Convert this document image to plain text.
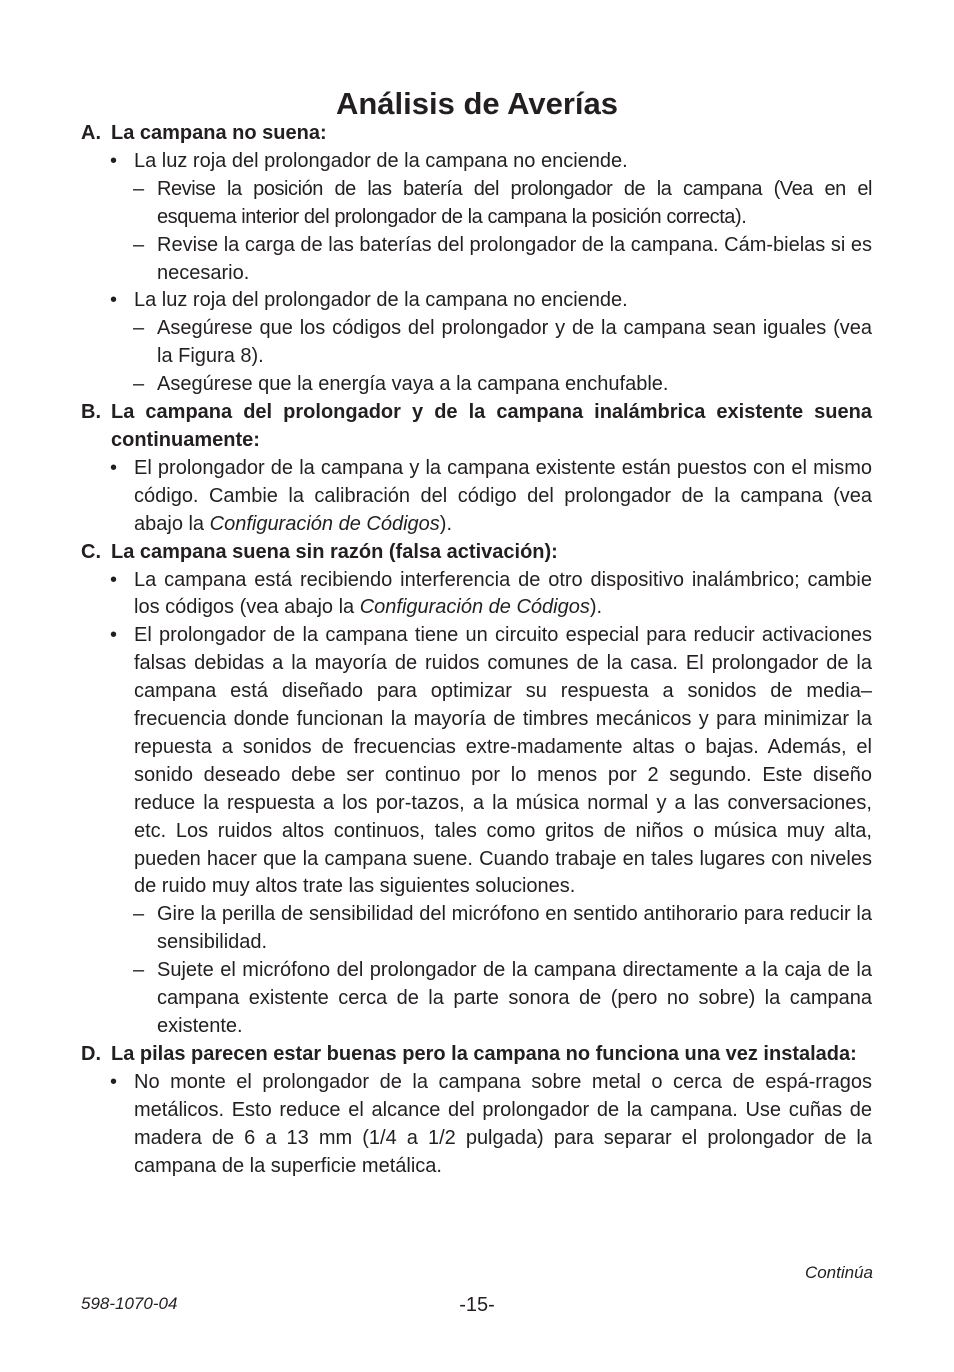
Análisis de Averías
A. La campana no suena:
• La luz roja del prolongador de la campana no enciende.
– Revise la posición de las batería del prolongador de la campana (Vea en el esquema interior del prolongador de la campana la posición correcta).
– Revise la carga de las baterías del prolongador de la campana. Cám-bielas si es necesario.
• La luz roja del prolongador de la campana no enciende.
– Asegúrese que los códigos del prolongador y de la campana sean iguales (vea la Figura 8).
– Asegúrese que la energía vaya a la campana enchufable.
B. La campana del prolongador y de la campana inalámbrica existente suena continuamente:
• El prolongador de la campana y la campana existente están puestos con el mismo código. Cambie la calibración del código del prolongador de la campana (vea abajo la Configuración de Códigos).
C. La campana suena sin razón (falsa activación):
• La campana está recibiendo interferencia de otro dispositivo inalámbrico; cambie los códigos (vea abajo la Configuración de Códigos).
• El prolongador de la campana tiene un circuito especial para reducir activaciones falsas debidas a la mayoría de ruidos comunes de la casa. El prolongador de la campana está diseñado para optimizar su respuesta a sonidos de media–frecuencia donde funcionan la mayoría de timbres mecánicos y para minimizar la repuesta a sonidos de frecuencias extre-madamente altas o bajas. Además, el sonido deseado debe ser continuo por lo menos por 2 segundo. Este diseño reduce la respuesta a los por-tazos, a la música normal y a las conversaciones, etc. Los ruidos altos continuos, tales como gritos de niños o música muy alta, pueden hacer que la campana suene. Cuando trabaje en tales lugares con niveles de ruido muy altos trate las siguientes soluciones.
– Gire la perilla de sensibilidad del micrófono en sentido antihorario para reducir la sensibilidad.
– Sujete el micrófono del prolongador de la campana directamente a la caja de la campana existente cerca de la parte sonora de (pero no sobre) la campana existente.
D. La pilas parecen estar buenas pero la campana no funciona una vez instalada:
• No monte el prolongador de la campana sobre metal o cerca de espá-rragos metálicos. Esto reduce el alcance del prolongador de la campana. Use cuñas de madera de 6 a 13 mm (1/4 a 1/2 pulgada) para separar el prolongador de la campana de la superficie metálica.
Continúa
598-1070-04	-15-
